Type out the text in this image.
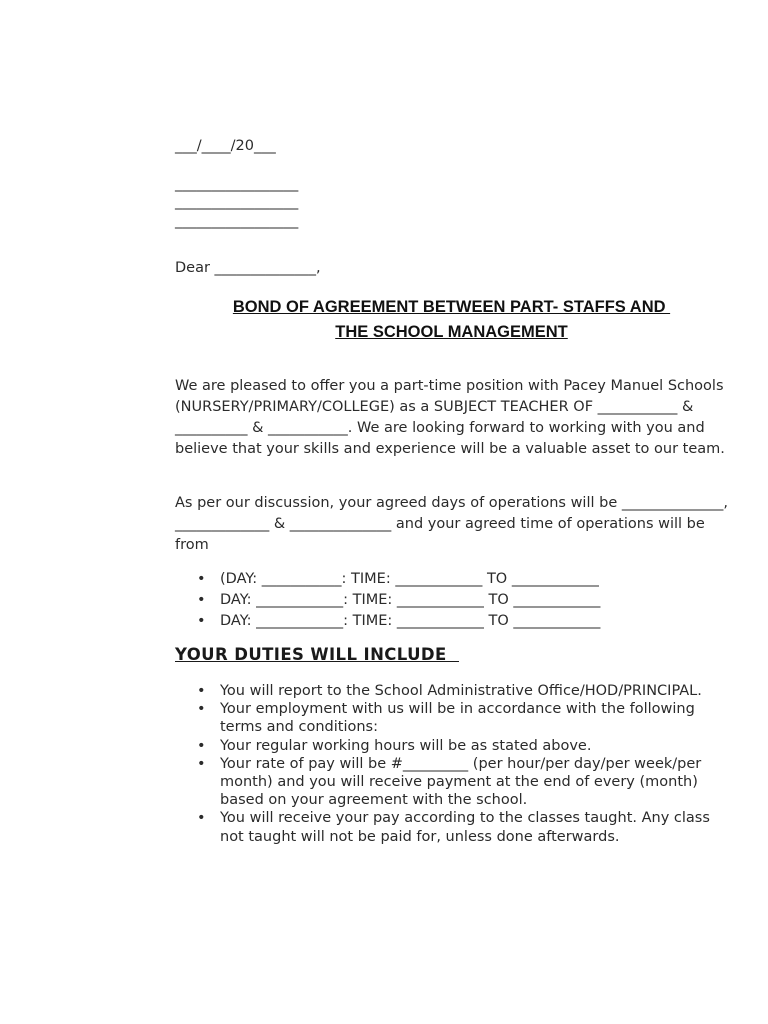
___/____/20___
_________________
_________________
_________________
Dear ______________,
BOND OF AGREEMENT BETWEEN PART- STAFFS AND
THE SCHOOL MANAGEMENT
We are pleased to offer you a part-time position with Pacey Manuel Schools (NURSERY/PRIMARY/COLLEGE) as a SUBJECT TEACHER OF ___________ & __________ & ___________. We are looking forward to working with you and believe that your skills and experience will be a valuable asset to our team.
As per our discussion, your agreed days of operations will be ______________, _____________ & ______________ and your agreed time of operations will be from
• (DAY: ___________: TIME: ____________ TO ____________
• DAY: ____________: TIME: ____________ TO ____________
• DAY: ____________: TIME: ____________ TO ____________
YOUR DUTIES WILL INCLUDE
• You will report to the School Administrative Office/HOD/PRINCIPAL.
• Your employment with us will be in accordance with the following terms and conditions:
• Your regular working hours will be as stated above.
• Your rate of pay will be #_________ (per hour/per day/per week/per month) and you will receive payment at the end of every (month) based on your agreement with the school.
• You will receive your pay according to the classes taught. Any class not taught will not be paid for, unless done afterwards.
